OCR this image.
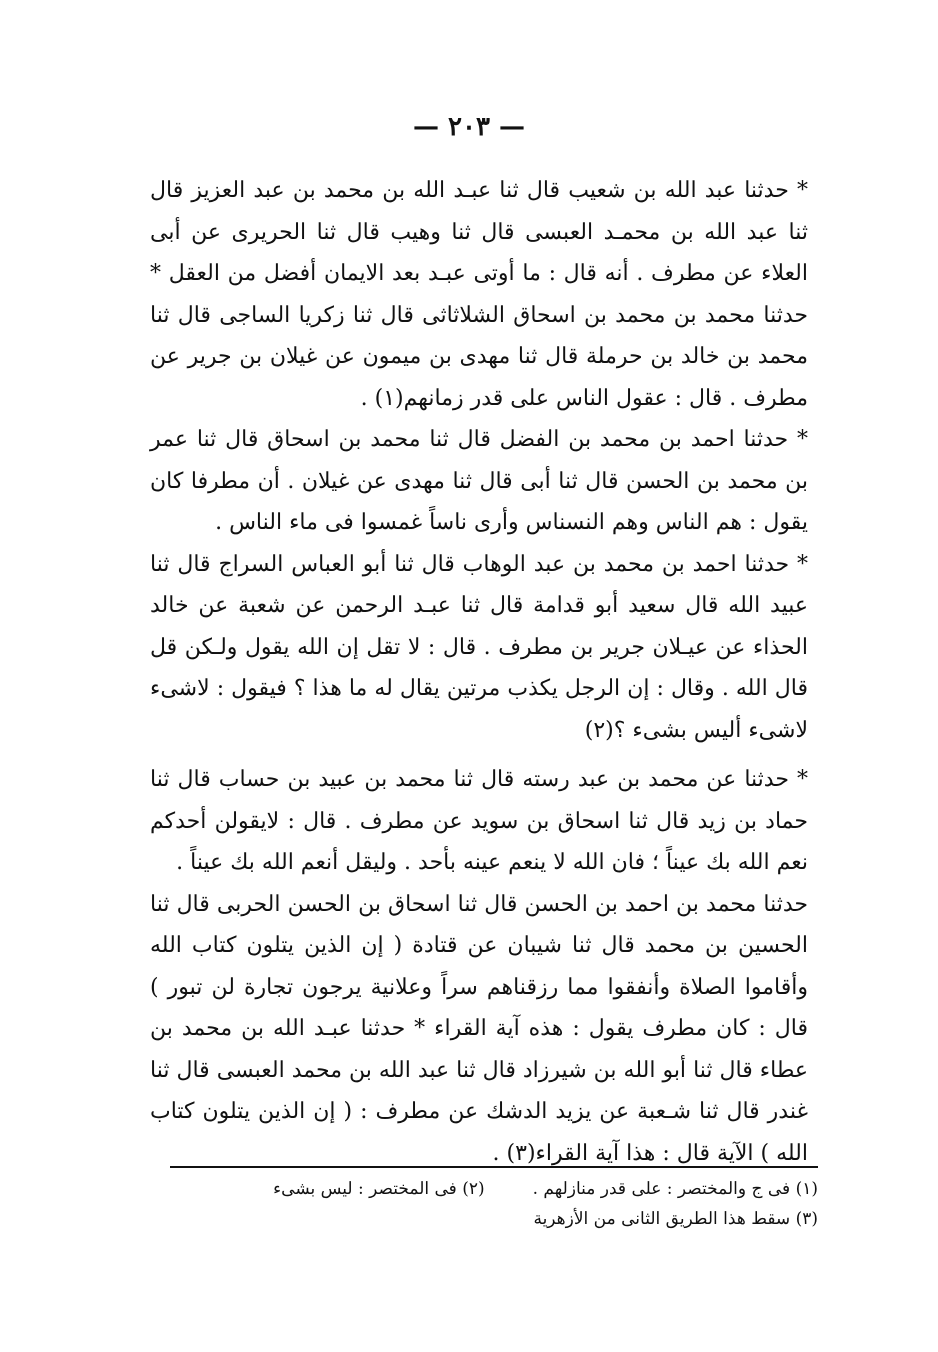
— ٢٠٣ —

* حدثنا عبد الله بن شعيب قال ثنا عبـد الله بن محمد بن عبد العزيز قال ثنا عبد الله بن محمـد العبسى قال ثنا وهيب قال ثنا الحريرى عن أبى العلاء عن مطرف . أنه قال : ما أوتى عبـد بعد الايمان أفضل من العقل * حدثنا محمد بن محمد بن اسحاق الشلاثاثى قال ثنا زكريا الساجى قال ثنا محمد بن خالد بن حرملة قال ثنا مهدى بن ميمون عن غيلان بن جرير عن مطرف . قال : عقول الناس على قدر زمانهم(١) .

* حدثنا احمد بن محمد بن الفضل قال ثنا محمد بن اسحاق قال ثنا عمر بن محمد بن الحسن قال ثنا أبى قال ثنا مهدى عن غيلان . أن مطرفا كان يقول : هم الناس وهم النسناس وأرى ناساً غمسوا فى ماء الناس .

* حدثنا احمد بن محمد بن عبد الوهاب قال ثنا أبو العباس السراج قال ثنا عبيد الله قال سعيد أبو قدامة قال ثنا عبـد الرحمن عن شعبة عن خالد الحذاء عن عيـلان جرير بن مطرف . قال : لا تقل إن الله يقول ولـكن قل قال الله . وقال : إن الرجل يكذب مرتين يقال له ما هذا ؟ فيقول : لاشىء لاشىء أليس بشىء ؟(٢)

* حدثنا عن محمد بن عبد رسته قال ثنا محمد بن عبيد بن حساب قال ثنا حماد بن زيد قال ثنا اسحاق بن سويد عن مطرف . قال : لايقولن أحدكم نعم الله بك عيناً ؛ فان الله لا ينعم عينه بأحد . وليقل أنعم الله بك عيناً .

حدثنا محمد بن احمد بن الحسن قال ثنا اسحاق بن الحسن الحربى قال ثنا الحسين بن محمد قال ثنا شيبان عن قتادة ( إن الذين يتلون كتاب الله وأقاموا الصلاة وأنفقوا مما رزقناهم سراً وعلانية يرجون تجارة لن تبور ) قال : كان مطرف يقول : هذه آية القراء * حدثنا عبـد الله بن محمد بن عطاء قال ثنا أبو الله بن شيرزاد قال ثنا عبد الله بن محمد العبسى قال ثنا غندر قال ثنا شـعبة عن يزيد الدشك عن مطرف : ( إن الذين يتلون كتاب الله ) الآية قال : هذا آية القراء(٣) .

(١) فى ج والمختصر : على قدر منازلهم .
(٢) فى المختصر : ليس بشىء
(٣) سقط هذا الطريق الثانى من الأزهرية
